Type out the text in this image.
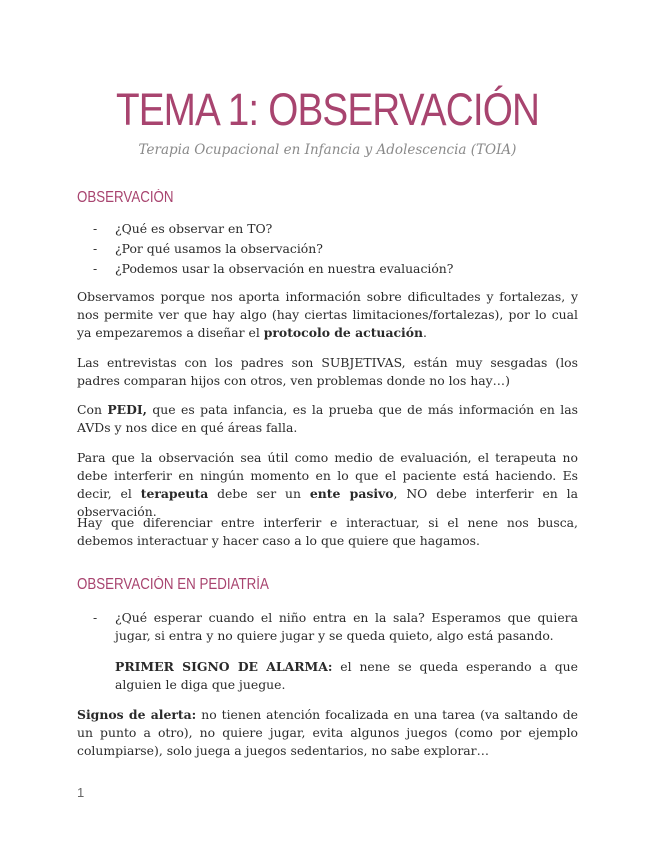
TEMA 1: OBSERVACIÓN

Terapia Ocupacional en Infancia y Adolescencia (TOIA)

OBSERVACIÓN
- ¿Qué es observar en TO?
- ¿Por qué usamos la observación?
- ¿Podemos usar la observación en nuestra evaluación?

Observamos porque nos aporta información sobre dificultades y fortalezas, y nos permite ver que hay algo (hay ciertas limitaciones/fortalezas), por lo cual ya empezaremos a diseñar el protocolo de actuación.

Las entrevistas con los padres son SUBJETIVAS, están muy sesgadas (los padres comparan hijos con otros, ven problemas donde no los hay…)

Con PEDI, que es pata infancia, es la prueba que de más información en las AVDs y nos dice en qué áreas falla.

Para que la observación sea útil como medio de evaluación, el terapeuta no debe interferir en ningún momento en lo que el paciente está haciendo. Es decir, el terapeuta debe ser un ente pasivo, NO debe interferir en la observación.

Hay que diferenciar entre interferir e interactuar, si el nene nos busca, debemos interactuar y hacer caso a lo que quiere que hagamos.

OBSERVACIÓN EN PEDIATRÍA
- ¿Qué esperar cuando el niño entra en la sala? Esperamos que quiera jugar, si entra y no quiere jugar y se queda quieto, algo está pasando.

PRIMER SIGNO DE ALARMA: el nene se queda esperando a que alguien le diga que juegue.

Signos de alerta: no tienen atención focalizada en una tarea (va saltando de un punto a otro), no quiere jugar, evita algunos juegos (como por ejemplo columpiarse), solo juega a juegos sedentarios, no sabe explorar…

1
